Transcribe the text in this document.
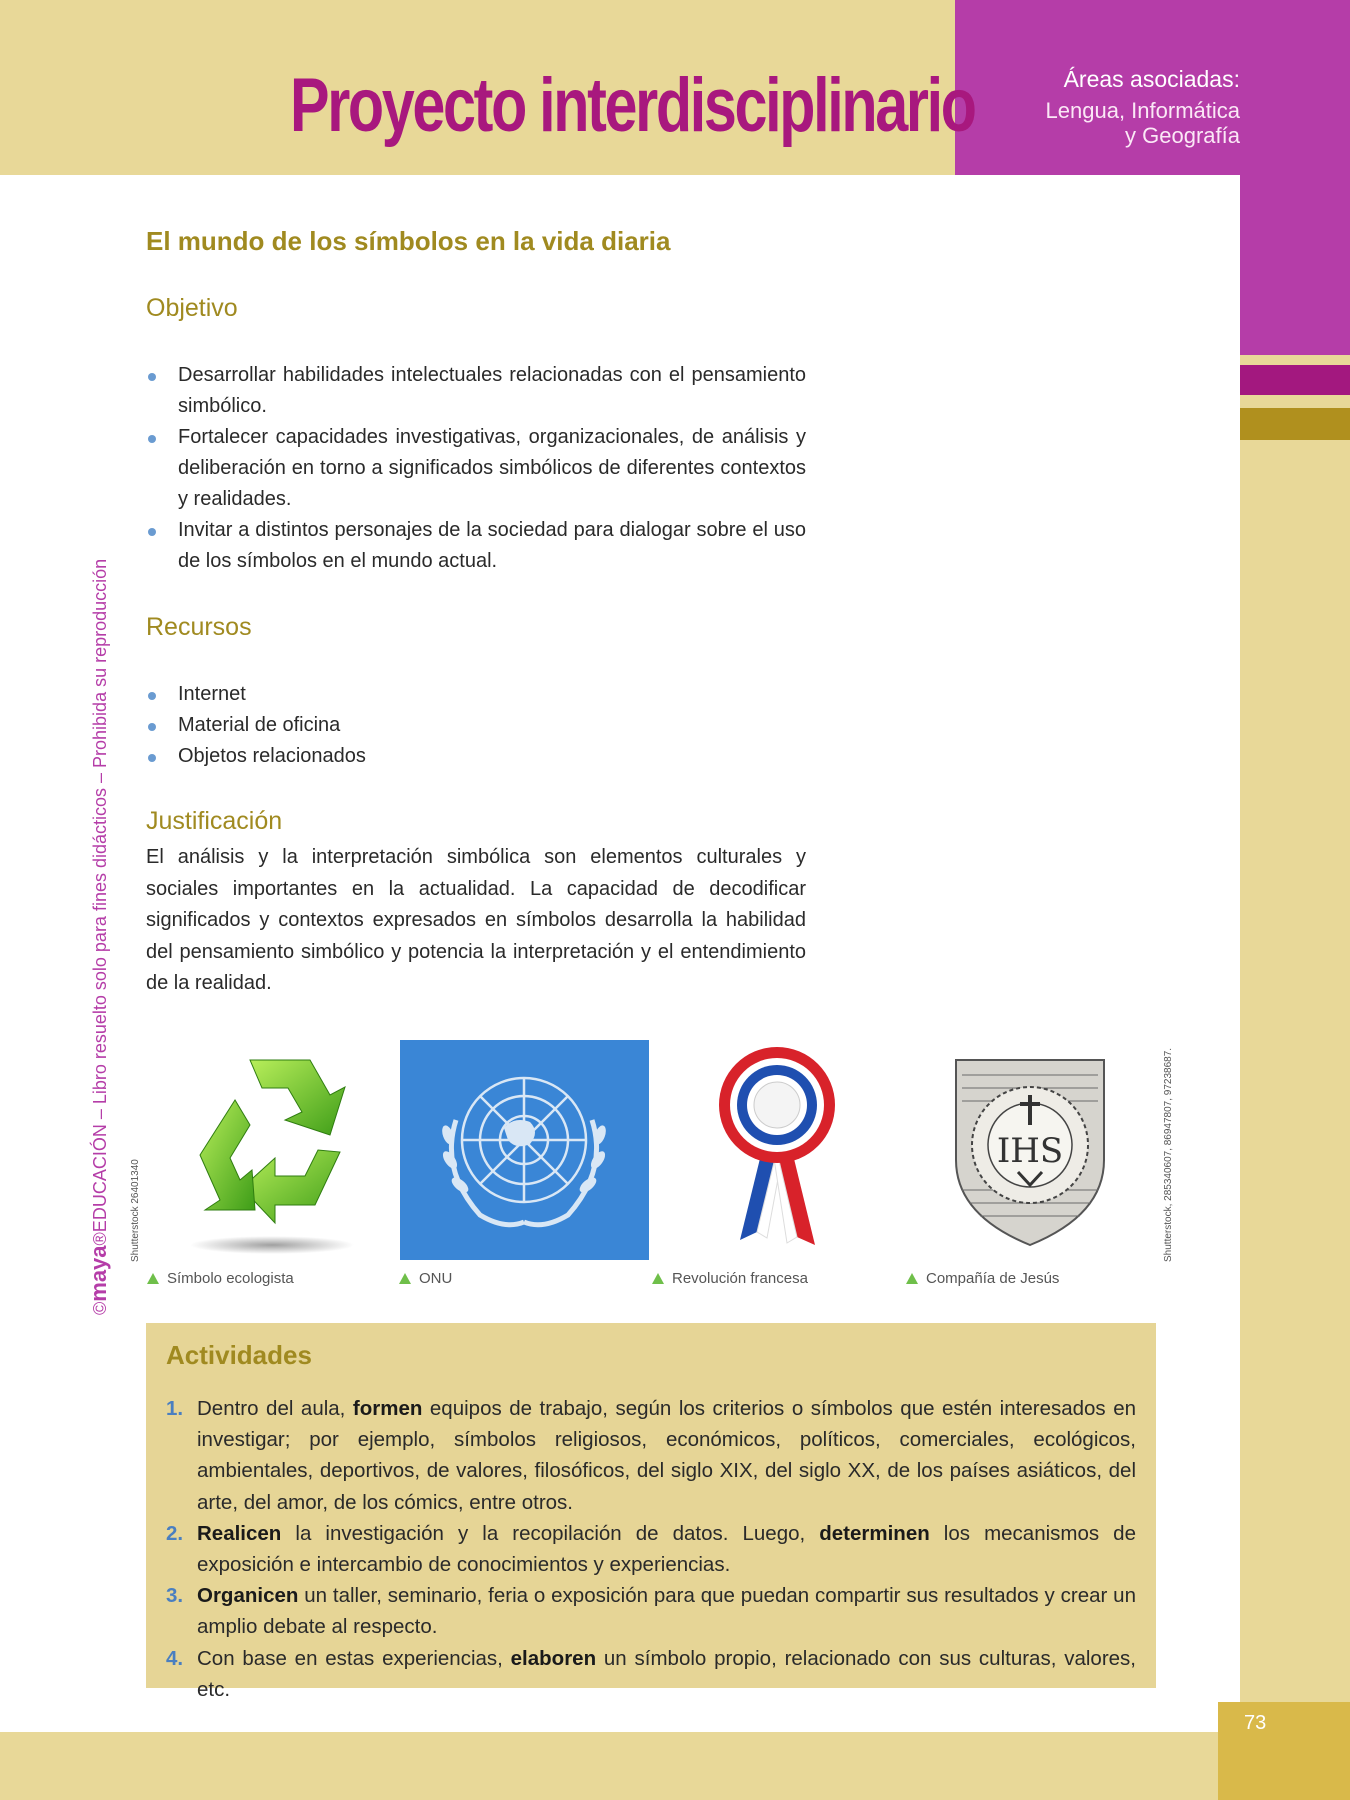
73
Proyecto interdisciplinario	Áreas asociadas:
Lengua, Informática
y Geografía
©maya®EDUCACIÓN – Libro resuelto solo para fines didácticos – Prohibida su reproducción
El mundo de los símbolos en la vida diaria
Objetivo
Desarrollar habilidades intelectuales relacionadas con el pensamiento simbólico.
Fortalecer capacidades investigativas, organizacionales, de análisis y deliberación en torno a significados simbólicos de diferentes contextos y realidades.
Invitar a distintos personajes de la sociedad para dialogar sobre el uso de los símbolos en el mundo actual.
Recursos
Internet
Material de oficina
Objetos relacionados
Justificación
El análisis y la interpretación simbólica son elementos culturales y sociales importantes en la actualidad. La capacidad de decodificar significados y contextos expresados en símbolos desarrolla la habilidad del pensamiento simbólico y potencia la interpretación y el entendimiento de la realidad.
Shutterstock 26401340	Shutterstock, 285340607, 86947807, 97238687.
IHS
Símbolo ecologista	ONU	Revolución francesa	Compañía de Jesús
Actividades
1. Dentro del aula, formen equipos de trabajo, según los criterios o símbolos que estén interesados en investigar; por ejemplo, símbolos religiosos, económicos, políticos, comerciales, ecológicos, ambientales, deportivos, de valores, filosóficos, del siglo XIX, del siglo XX, de los países asiáticos, del arte, del amor, de los cómics, entre otros.
2. Realicen la investigación y la recopilación de datos. Luego, determinen los mecanismos de exposición e intercambio de conocimientos y experiencias.
3. Organicen un taller, seminario, feria o exposición para que puedan compartir sus resultados y crear un amplio debate al respecto.
4. Con base en estas experiencias, elaboren un símbolo propio, relacionado con sus culturas, valores, etc.
